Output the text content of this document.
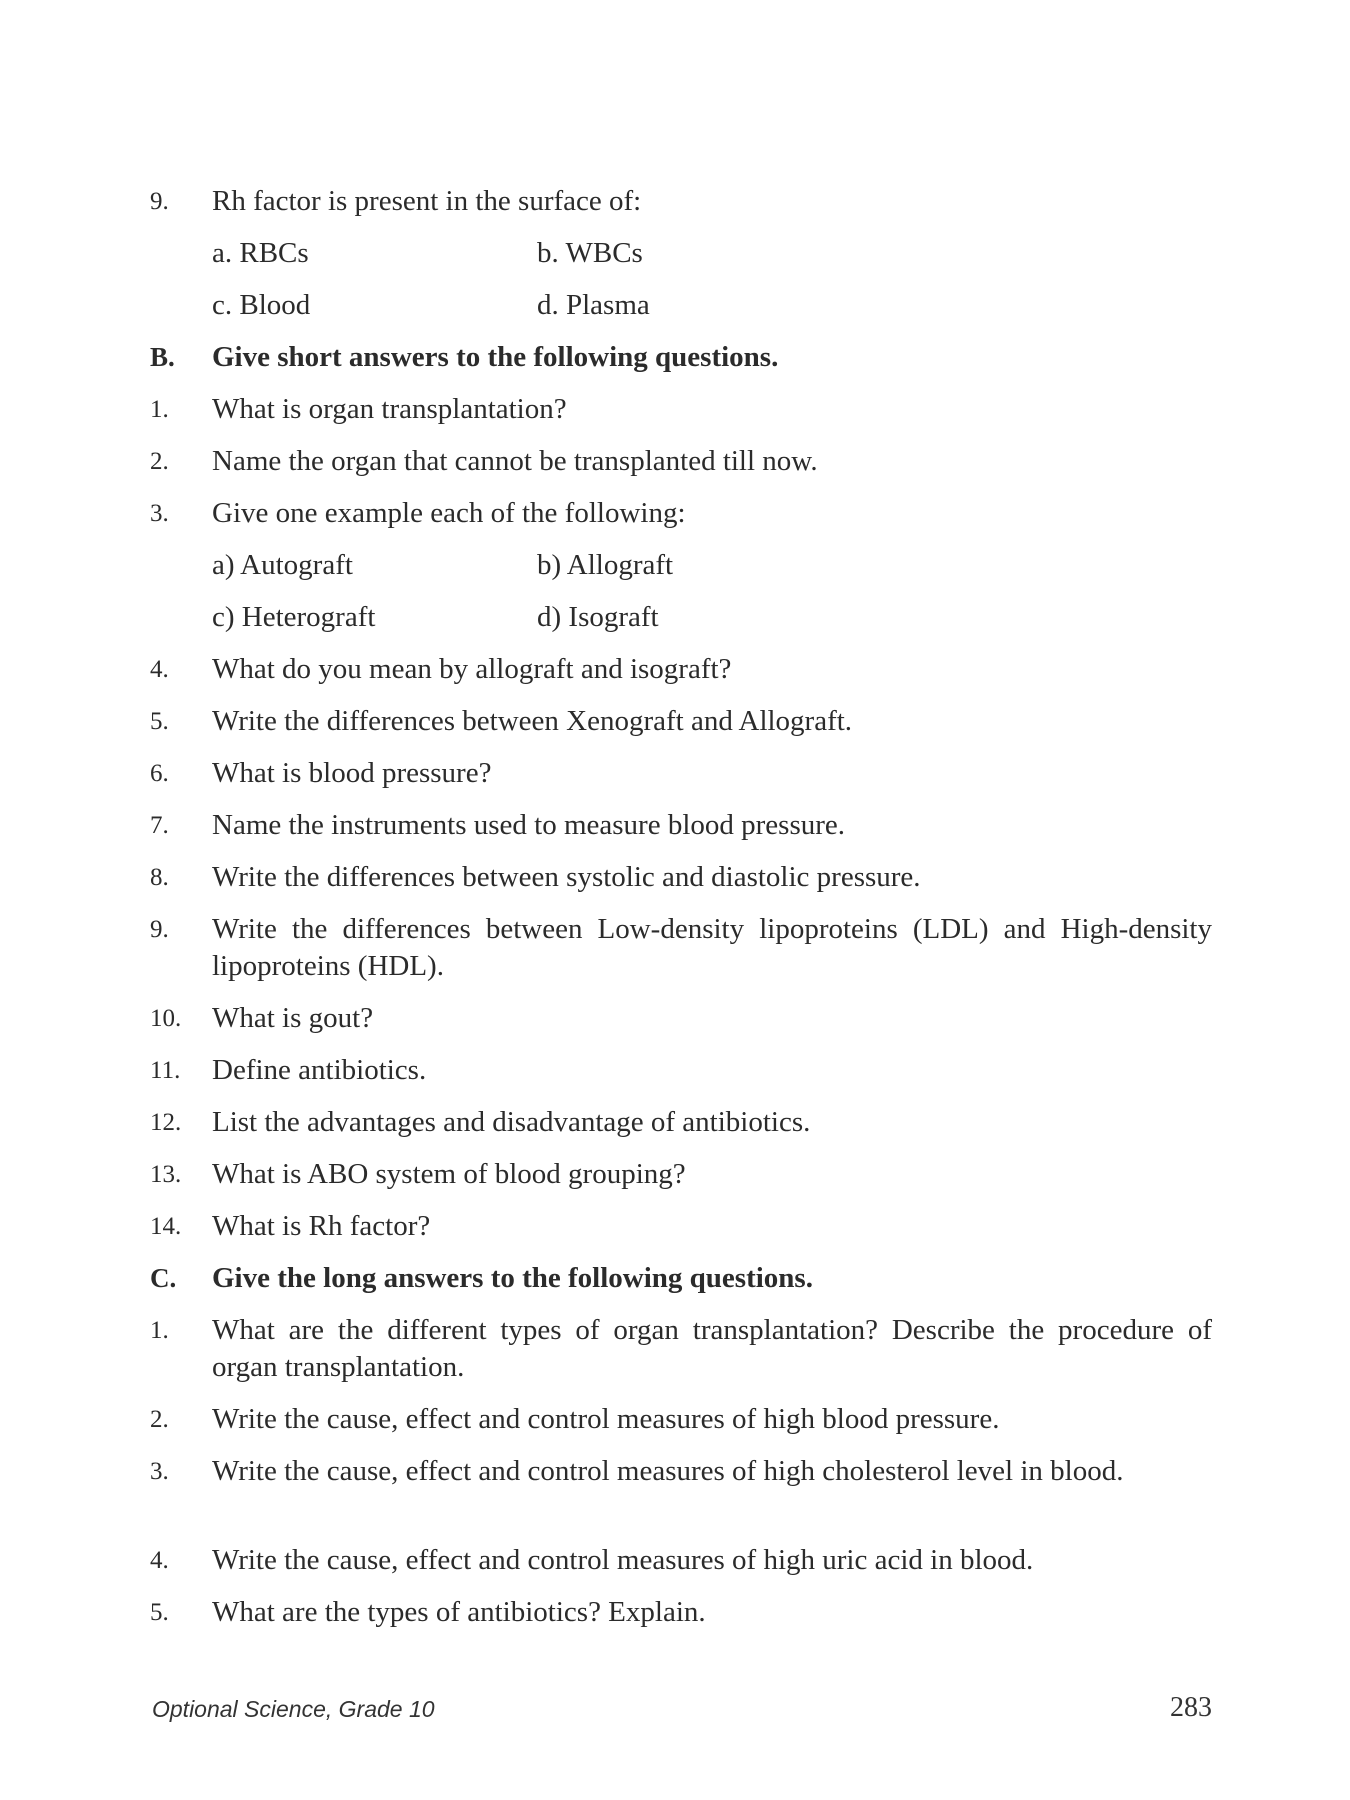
9.	Rh factor is present in the surface of:
a. RBCs	b. WBCs
c. Blood	d. Plasma
B.	Give short answers to the following questions.
1.	What is organ transplantation?
2.	Name the organ that cannot be transplanted till now.
3.	Give one example each of the following:
a) Autograft	b) Allograft
c) Heterograft	d) Isograft
4.	What do you mean by allograft and isograft?
5.	Write the differences between Xenograft and Allograft.
6.	What is blood pressure?
7.	Name the instruments used to measure blood pressure.
8.	Write the differences between systolic and diastolic pressure.
9.	Write the differences between Low-density lipoproteins (LDL) and High-density lipoproteins (HDL).
10.	What is gout?
11.	Define antibiotics.
12.	List the advantages and disadvantage of antibiotics.
13.	What is ABO system of blood grouping?
14.	What is Rh factor?
C.	Give the long answers to the following questions.
1.	What are the different types of organ transplantation? Describe the procedure of organ transplantation.
2.	Write the cause, effect and control measures of high blood pressure.
3.	Write the cause, effect and control measures of high cholesterol level in blood.
4.	Write the cause, effect and control measures of high uric acid in blood.
5.	What are the types of antibiotics? Explain.
Optional Science, Grade 10	283
